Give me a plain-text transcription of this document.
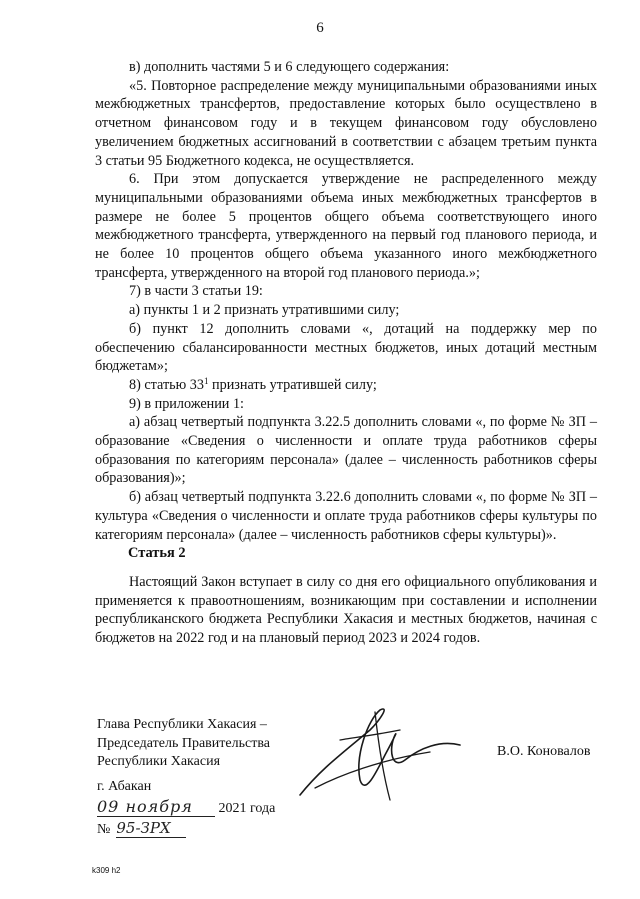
6

в) дополнить частями 5 и 6 следующего содержания:

«5. Повторное распределение между муниципальными образованиями иных межбюджетных трансфертов, предоставление которых было осуществлено в отчетном финансовом году и в текущем финансовом году обусловлено увеличением бюджетных ассигнований в соответствии с абзацем третьим пункта 3 статьи 95 Бюджетного кодекса, не осуществляется.

6. При этом допускается утверждение не распределенного между муниципальными образованиями объема иных межбюджетных трансфертов в размере не более 5 процентов общего объема соответствующего иного межбюджетного трансферта, утвержденного на первый год планового периода, и не более 10 процентов общего объема указанного иного межбюджетного трансферта, утвержденного на второй год планового периода.»;

7) в части 3 статьи 19:

а) пункты 1 и 2 признать утратившими силу;

б) пункт 12 дополнить словами «, дотаций на поддержку мер по обеспечению сбалансированности местных бюджетов, иных дотаций местным бюджетам»;

8) статью $33^1$ признать утратившей силу;

9) в приложении 1:

а) абзац четвертый подпункта 3.22.5 дополнить словами «, по форме № ЗП – образование «Сведения о численности и оплате труда работников сферы образования по категориям персонала» (далее – численность работников сферы образования)»;

б) абзац четвертый подпункта 3.22.6 дополнить словами «, по форме № ЗП – культура «Сведения о численности и оплате труда работников сферы культуры по категориям персонала» (далее – численность работников сферы культуры)».

Статья 2
Настоящий Закон вступает в силу со дня его официального опубликования и применяется к правоотношениям, возникающим при составлении и исполнении республиканского бюджета Республики Хакасия и местных бюджетов, начиная с бюджетов на 2022 год и на плановый период 2023 и 2024 годов.
Глава Республики Хакасия –
Председатель Правительства
Республики Хакасия
В.О. Коновалов
г. Абакан
09 ноября 2021 года
№ 95-ЗРХ
k309 h2
